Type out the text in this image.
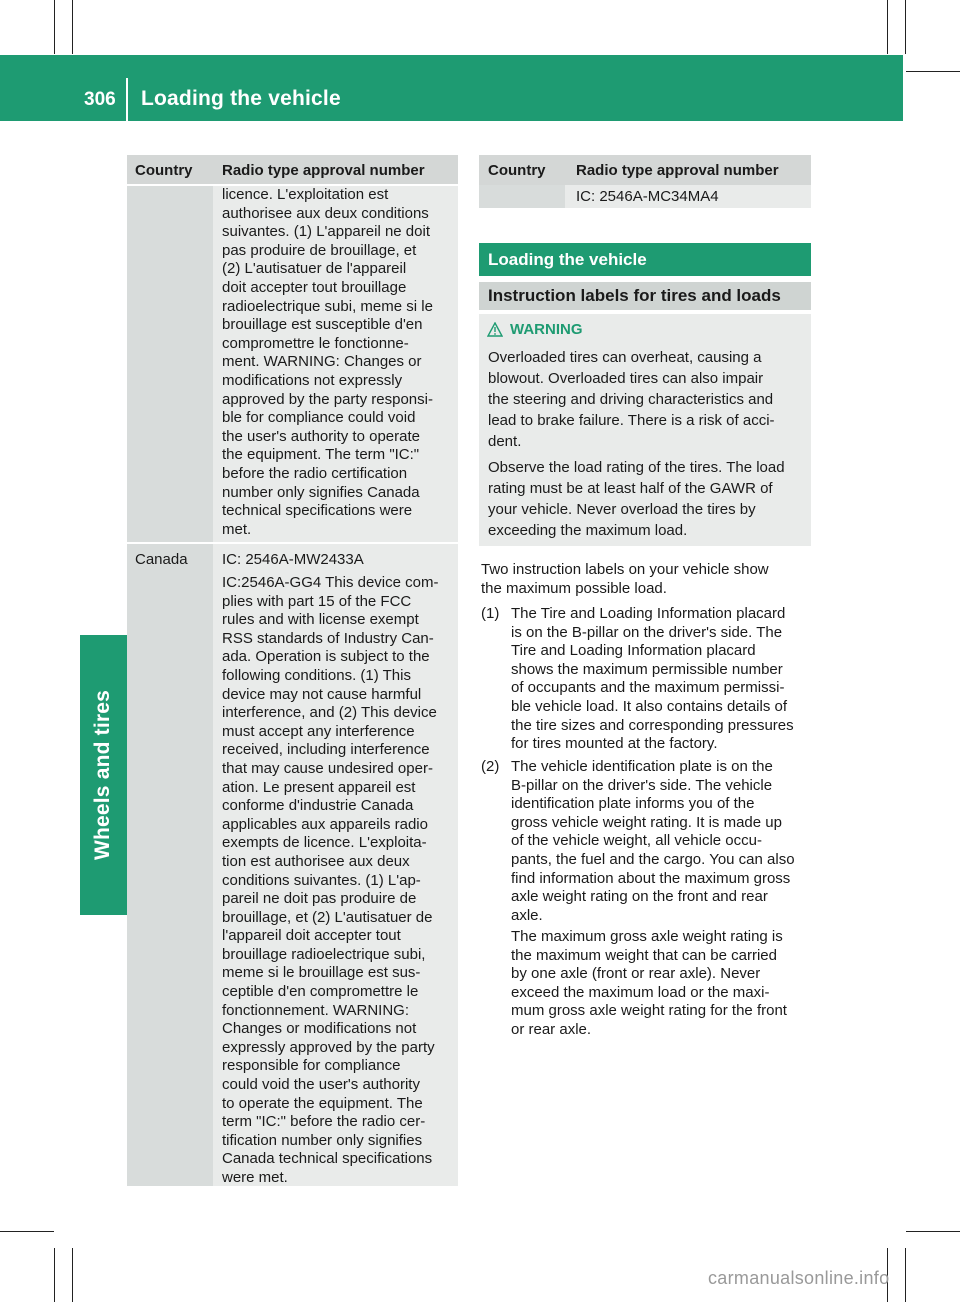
306 Loading the vehicle
Wheels and tires
Country Radio type approval number
licence. L'exploitation est
authorisee aux deux conditions
suivantes. (1) L'appareil ne doit
pas produire de brouillage, et
(2) L'autisatuer de l'appareil
doit accepter tout brouillage
radioelectrique subi, meme si le
brouillage est susceptible d'en
compromettre le fonctionne-
ment. WARNING: Changes or
modifications not expressly
approved by the party responsi-
ble for compliance could void
the user's authority to operate
the equipment. The term "IC:"
before the radio certification
number only signifies Canada
technical specifications were
met.
Canada IC: 2546A-MW2433A
IC:2546A-GG4 This device com-
plies with part 15 of the FCC
rules and with license exempt
RSS standards of Industry Can-
ada. Operation is subject to the
following conditions. (1) This
device may not cause harmful
interference, and (2) This device
must accept any interference
received, including interference
that may cause undesired oper-
ation. Le present appareil est
conforme d'industrie Canada
applicables aux appareils radio
exempts de licence. L'exploita-
tion est authorisee aux deux
conditions suivantes. (1) L'ap-
pareil ne doit pas produire de
brouillage, et (2) L'autisatuer de
l'appareil doit accepter tout
brouillage radioelectrique subi,
meme si le brouillage est sus-
ceptible d'en compromettre le
fonctionnement. WARNING:
Changes or modifications not
expressly approved by the party
responsible for compliance
could void the user's authority
to operate the equipment. The
term "IC:" before the radio cer-
tification number only signifies
Canada technical specifications
were met.
Country Radio type approval number
IC: 2546A-MC34MA4
Loading the vehicle
Instruction labels for tires and loads
WARNING
Overloaded tires can overheat, causing a
blowout. Overloaded tires can also impair
the steering and driving characteristics and
lead to brake failure. There is a risk of acci-
dent.
Observe the load rating of the tires. The load
rating must be at least half of the GAWR of
your vehicle. Never overload the tires by
exceeding the maximum load.
Two instruction labels on your vehicle show
the maximum possible load.
(1) The Tire and Loading Information placard
is on the B-pillar on the driver's side. The
Tire and Loading Information placard
shows the maximum permissible number
of occupants and the maximum permissi-
ble vehicle load. It also contains details of
the tire sizes and corresponding pressures
for tires mounted at the factory.
(2) The vehicle identification plate is on the
B-pillar on the driver's side. The vehicle
identification plate informs you of the
gross vehicle weight rating. It is made up
of the vehicle weight, all vehicle occu-
pants, the fuel and the cargo. You can also
find information about the maximum gross
axle weight rating on the front and rear
axle.
The maximum gross axle weight rating is
the maximum weight that can be carried
by one axle (front or rear axle). Never
exceed the maximum load or the maxi-
mum gross axle weight rating for the front
or rear axle.
carmanualsonline.info
